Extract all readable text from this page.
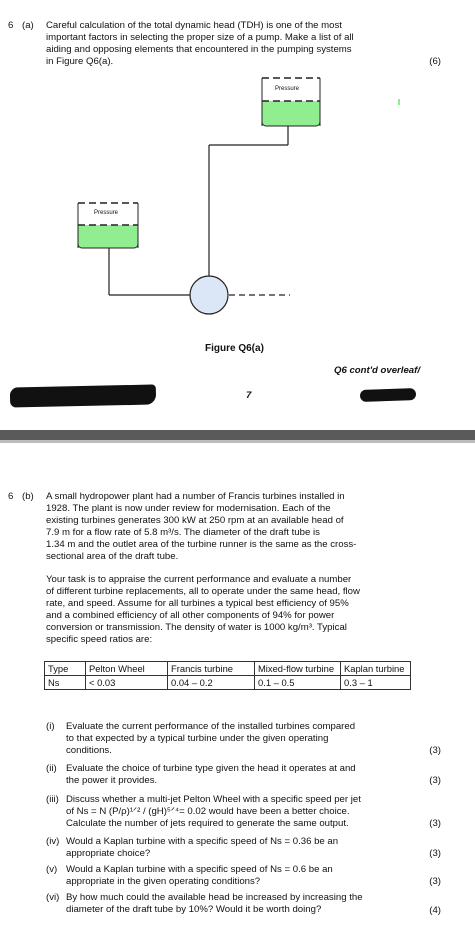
6 (a) Careful calculation of the total dynamic head (TDH) is one of the most
important factors in selecting the proper size of a pump. Make a list of all
aiding and opposing elements that encountered in the pumping systems
in Figure Q6(a).	(6)
Pressure
Pressure
Figure Q6(a)
Q6 cont'd overleaf/
7
6 (b) A small hydropower plant had a number of Francis turbines installed in
1928. The plant is now under review for modernisation. Each of the
existing turbines generates 300 kW at 250 rpm at an available head of
7.9 m for a flow rate of 5.8 m³/s. The diameter of the draft tube is
1.34 m and the outlet area of the turbine runner is the same as the cross-
sectional area of the draft tube.
Your task is to appraise the current performance and evaluate a number
of different turbine replacements, all to operate under the same head, flow
rate, and speed. Assume for all turbines a typical best efficiency of 95%
and a combined efficiency of all other components of 94% for power
conversion or transmission. The density of water is 1000 kg/m³. Typical
specific speed ratios are:
Type	Pelton Wheel	Francis turbine	Mixed-flow turbine	Kaplan turbine
Ns	< 0.03	0.04 – 0.2	0.1 – 0.5	0.3 – 1
(i) Evaluate the current performance of the installed turbines compared
to that expected by a typical turbine under the given operating
conditions.	(3)
(ii) Evaluate the choice of turbine type given the head it operates at and
the power it provides.	(3)
(iii) Discuss whether a multi-jet Pelton Wheel with a specific speed per jet
of Ns = N (P/ρ)¹ᐟ² / (gH)⁵ᐟ⁴= 0.02 would have been a better choice.
Calculate the number of jets required to generate the same output.	(3)
(iv) Would a Kaplan turbine with a specific speed of Ns = 0.36 be an
appropriate choice?	(3)
(v) Would a Kaplan turbine with a specific speed of Ns = 0.6 be an
appropriate in the given operating conditions?	(3)
(vi) By how much could the available head be increased by increasing the
diameter of the draft tube by 10%? Would it be worth doing?	(4)
